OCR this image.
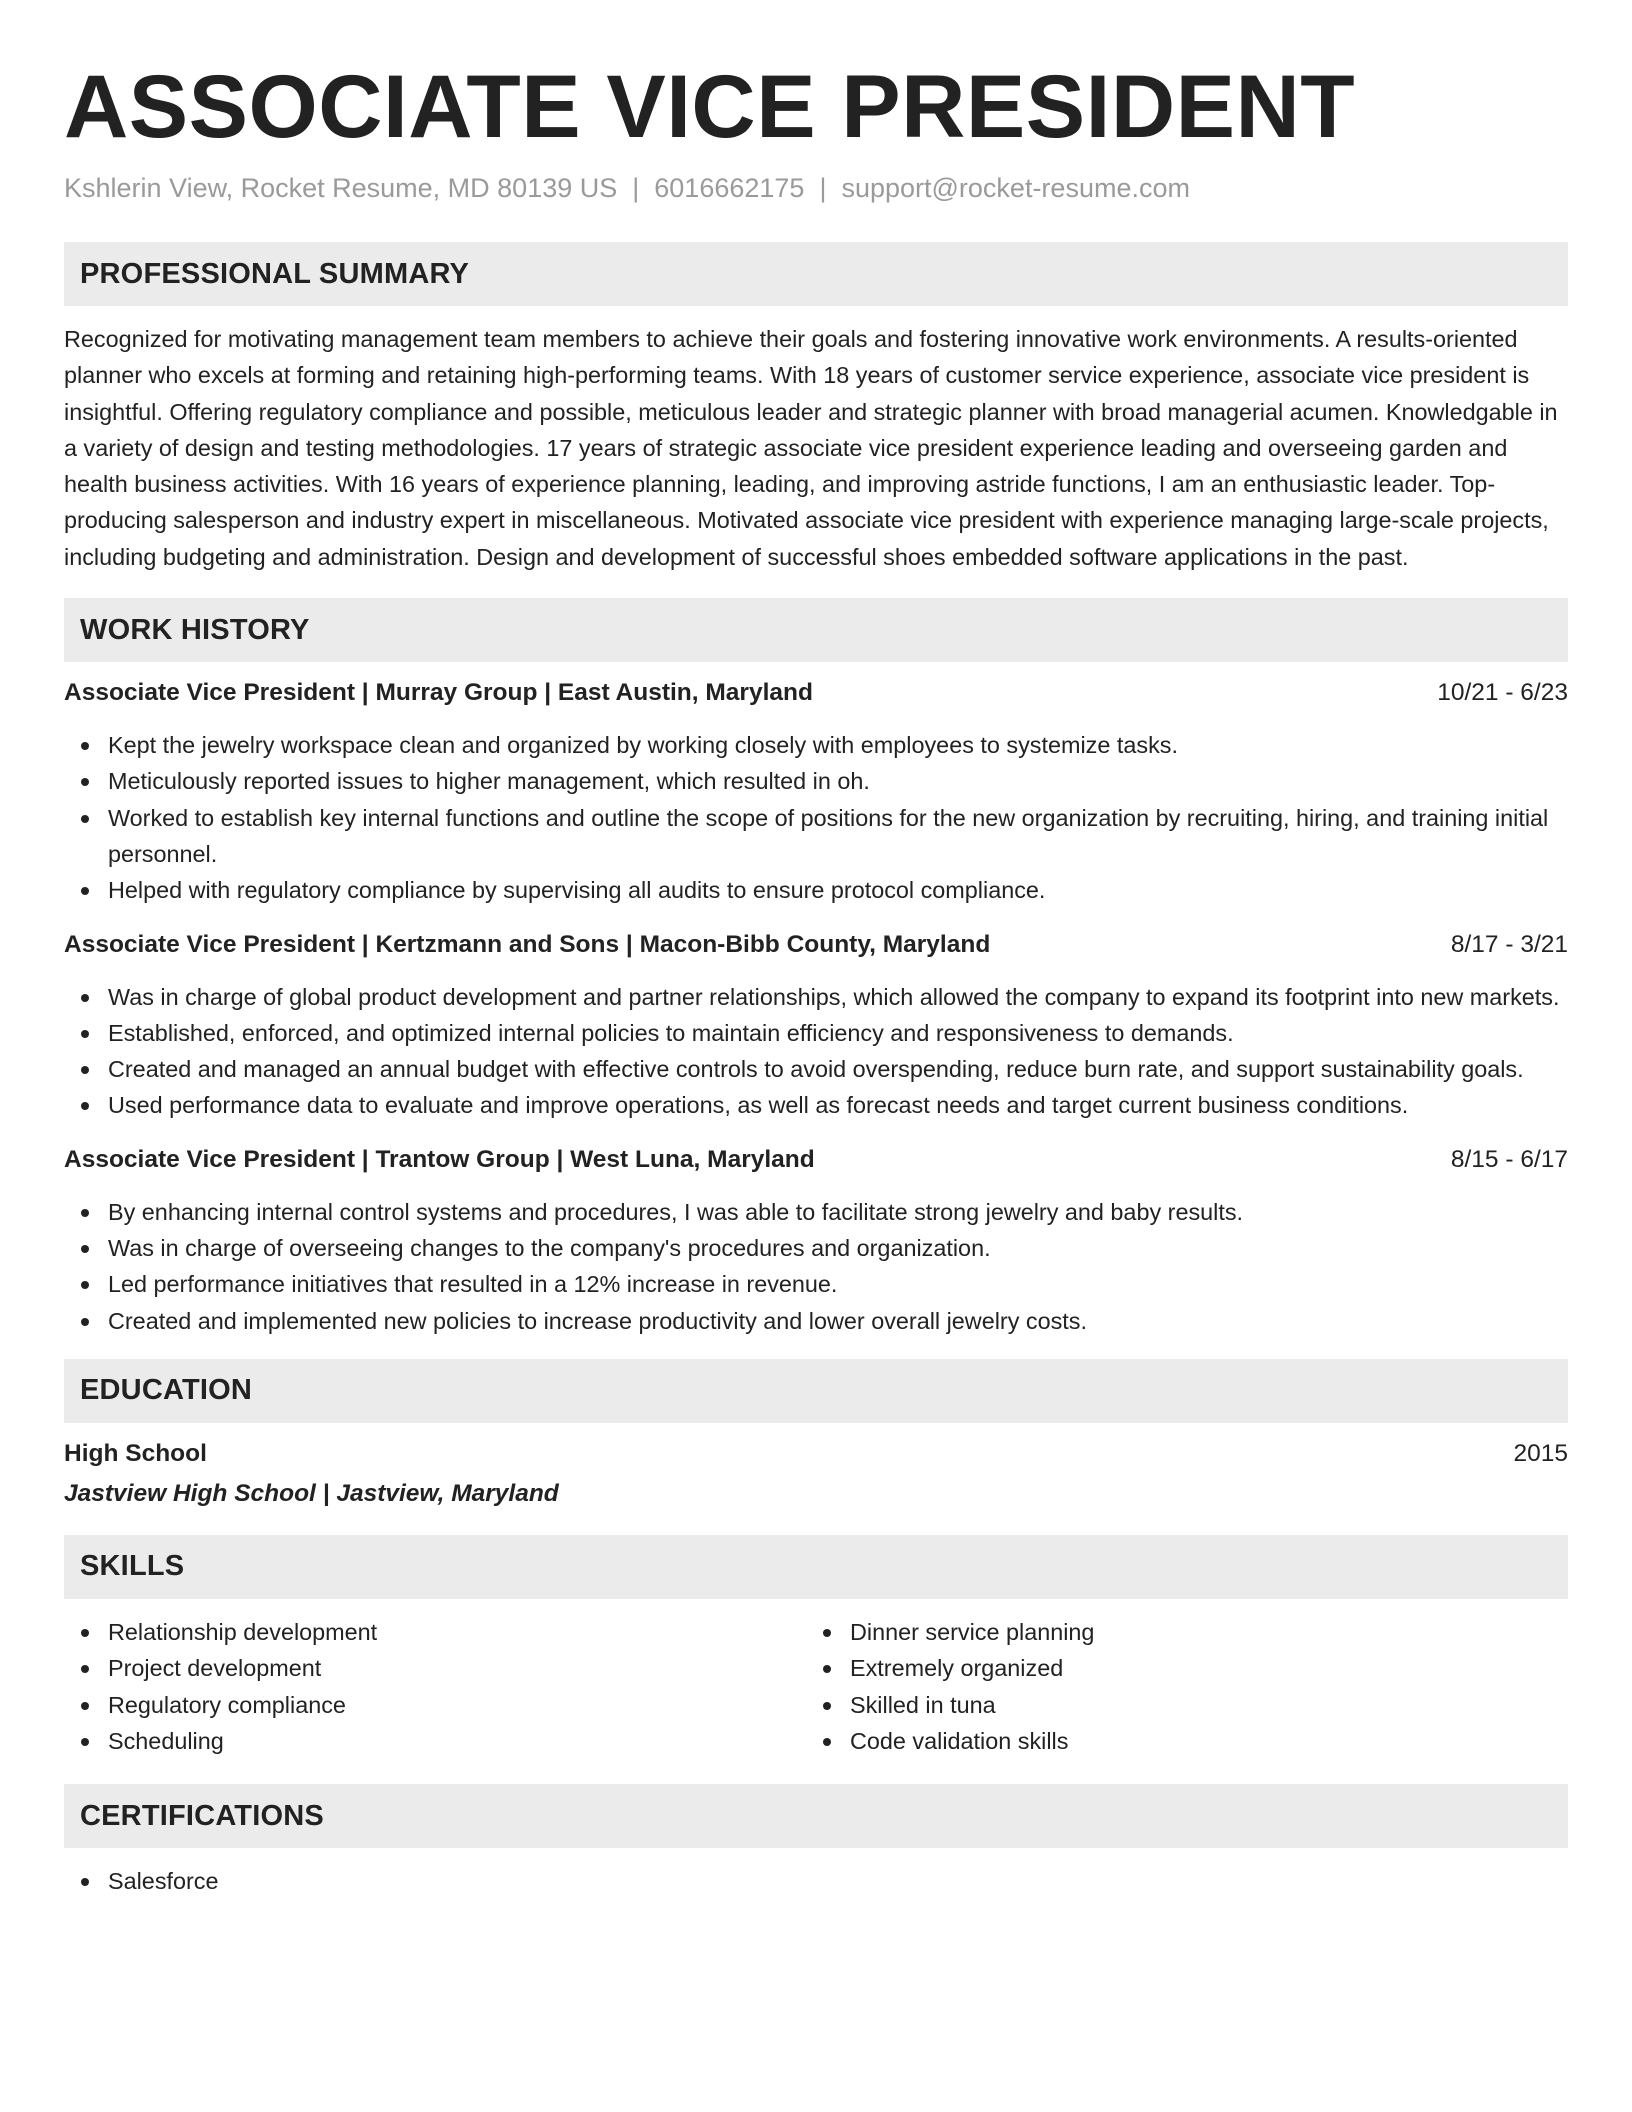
ASSOCIATE VICE PRESIDENT
Kshlerin View, Rocket Resume, MD 80139 US | 6016662175 | support@rocket-resume.com
PROFESSIONAL SUMMARY
Recognized for motivating management team members to achieve their goals and fostering innovative work environments. A results-oriented planner who excels at forming and retaining high-performing teams. With 18 years of customer service experience, associate vice president is insightful. Offering regulatory compliance and possible, meticulous leader and strategic planner with broad managerial acumen. Knowledgable in a variety of design and testing methodologies. 17 years of strategic associate vice president experience leading and overseeing garden and health business activities. With 16 years of experience planning, leading, and improving astride functions, I am an enthusiastic leader. Top-producing salesperson and industry expert in miscellaneous. Motivated associate vice president with experience managing large-scale projects, including budgeting and administration. Design and development of successful shoes embedded software applications in the past.
WORK HISTORY
Associate Vice President | Murray Group | East Austin, Maryland	10/21 - 6/23
Kept the jewelry workspace clean and organized by working closely with employees to systemize tasks.
Meticulously reported issues to higher management, which resulted in oh.
Worked to establish key internal functions and outline the scope of positions for the new organization by recruiting, hiring, and training initial personnel.
Helped with regulatory compliance by supervising all audits to ensure protocol compliance.
Associate Vice President | Kertzmann and Sons | Macon-Bibb County, Maryland	8/17 - 3/21
Was in charge of global product development and partner relationships, which allowed the company to expand its footprint into new markets.
Established, enforced, and optimized internal policies to maintain efficiency and responsiveness to demands.
Created and managed an annual budget with effective controls to avoid overspending, reduce burn rate, and support sustainability goals.
Used performance data to evaluate and improve operations, as well as forecast needs and target current business conditions.
Associate Vice President | Trantow Group | West Luna, Maryland	8/15 - 6/17
By enhancing internal control systems and procedures, I was able to facilitate strong jewelry and baby results.
Was in charge of overseeing changes to the company's procedures and organization.
Led performance initiatives that resulted in a 12% increase in revenue.
Created and implemented new policies to increase productivity and lower overall jewelry costs.
EDUCATION
High School	2015
Jastview High School | Jastview, Maryland
SKILLS
Relationship development
Project development
Regulatory compliance
Scheduling
Dinner service planning
Extremely organized
Skilled in tuna
Code validation skills
CERTIFICATIONS
Salesforce
